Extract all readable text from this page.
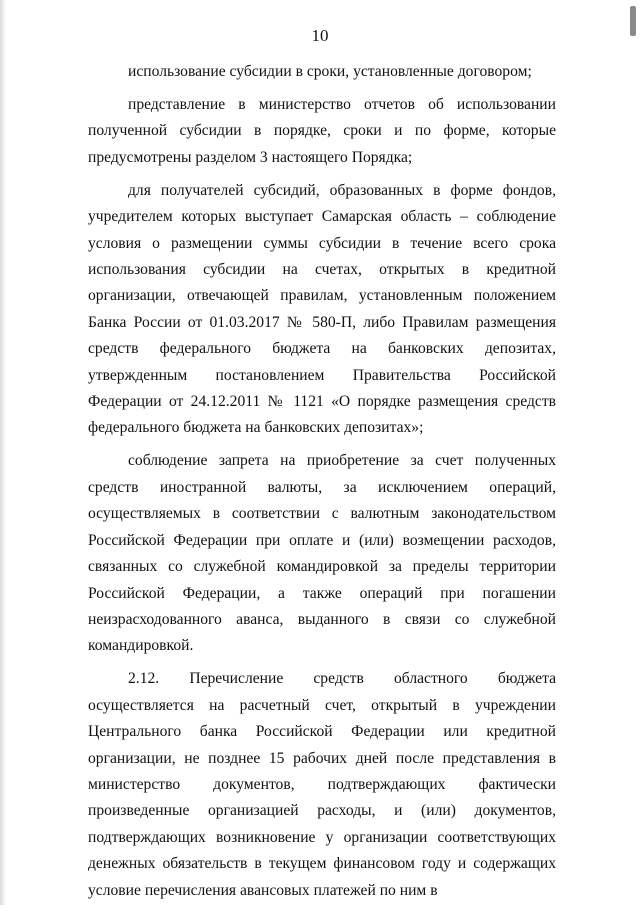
10

использование субсидии в сроки, установленные договором;

представление в министерство отчетов об использовании полученной субсидии в порядке, сроки и по форме, которые предусмотрены разделом 3 настоящего Порядка;

для получателей субсидий, образованных в форме фондов, учредителем которых выступает Самарская область – соблюдение условия о размещении суммы субсидии в течение всего срока использования субсидии на счетах, открытых в кредитной организации, отвечающей правилам, установленным положением Банка России от 01.03.2017 № 580-П, либо Правилам размещения средств федерального бюджета на банковских депозитах, утвержденным постановлением Правительства Российской Федерации от 24.12.2011 № 1121 «О порядке размещения средств федерального бюджета на банковских депозитах»;

соблюдение запрета на приобретение за счет полученных средств иностранной валюты, за исключением операций, осуществляемых в соответствии с валютным законодательством Российской Федерации при оплате и (или) возмещении расходов, связанных со служебной командировкой за пределы территории Российской Федерации, а также операций при погашении неизрасходованного аванса, выданного в связи со служебной командировкой.

2.12. Перечисление средств областного бюджета осуществляется на расчетный счет, открытый в учреждении Центрального банка Российской Федерации или кредитной организации, не позднее 15 рабочих дней после представления в министерство документов, подтверждающих фактически произведенные организацией расходы, и (или) документов, подтверждающих возникновение у организации соответствующих денежных обязательств в текущем финансовом году и содержащих условие перечисления авансовых платежей по ним в
